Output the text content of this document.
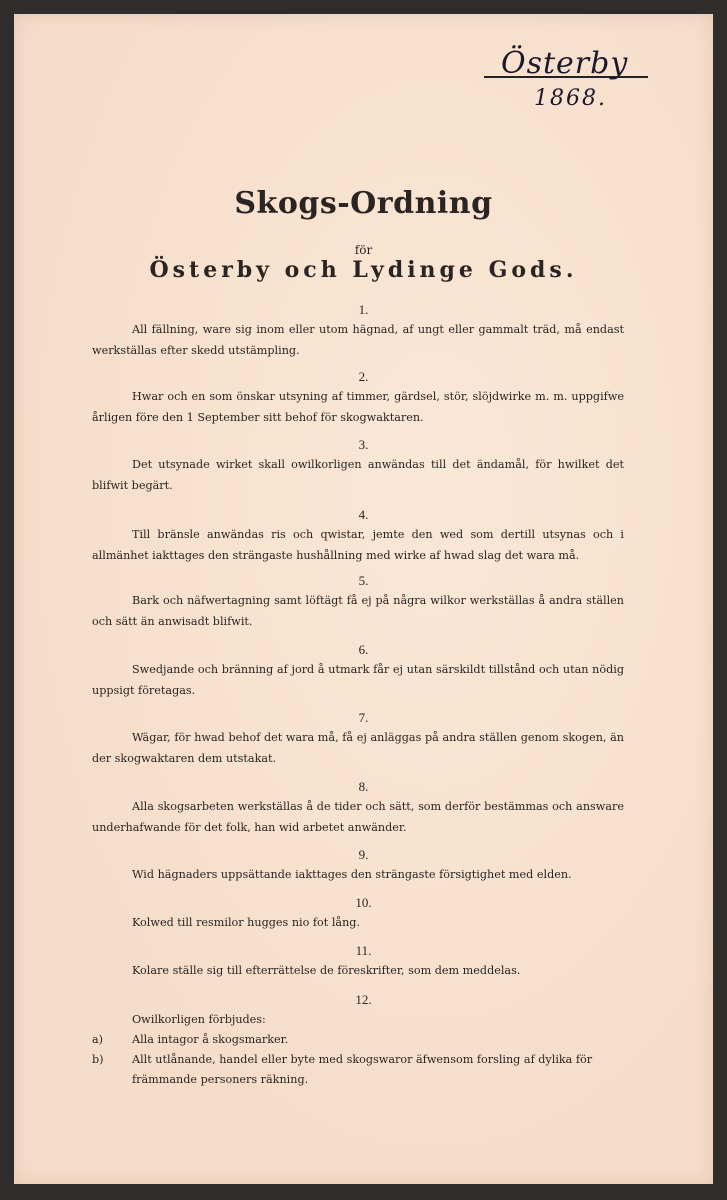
Österby
1868.
Skogs-Ordning
för
Österby och Lydinge Gods.
1.

All fällning, ware sig inom eller utom hägnad, af ungt eller gammalt träd, må endast werkställas efter skedd utstämpling.

2.

Hwar och en som önskar utsyning af timmer, gärdsel, stör, slöjdwirke m. m. uppgifwe årligen före den 1 September sitt behof för skogwaktaren.

3.

Det utsynade wirket skall owilkorligen anwändas till det ändamål, för hwilket det blifwit begärt.

4.

Till bränsle anwändas ris och qwistar, jemte den wed som dertill utsynas och i allmänhet iakttages den strängaste hushållning med wirke af hwad slag det wara må.

5.

Bark och näfwertagning samt löftägt få ej på några wilkor werkställas å andra ställen och sätt än anwisadt blifwit.

6.

Swedjande och bränning af jord å utmark får ej utan särskildt tillstånd och utan nödig uppsigt företagas.

7.

Wägar, för hwad behof det wara må, få ej anläggas på andra ställen genom skogen, än der skogwaktaren dem utstakat.

8.

Alla skogsarbeten werkställas å de tider och sätt, som derför bestämmas och answare underhafwande för det folk, han wid arbetet anwänder.

9.

Wid hägnaders uppsättande iakttages den strängaste försigtighet med elden.

10.

Kolwed till resmilor hugges nio fot lång.

11.

Kolare ställe sig till efterrättelse de föreskrifter, som dem meddelas.

12.

Owilkorligen förbjudes:

a)	Alla intagor å skogsmarker.
b)	Allt utlånande, handel eller byte med skogswaror äfwensom forsling af dylika för främmande personers räkning.
